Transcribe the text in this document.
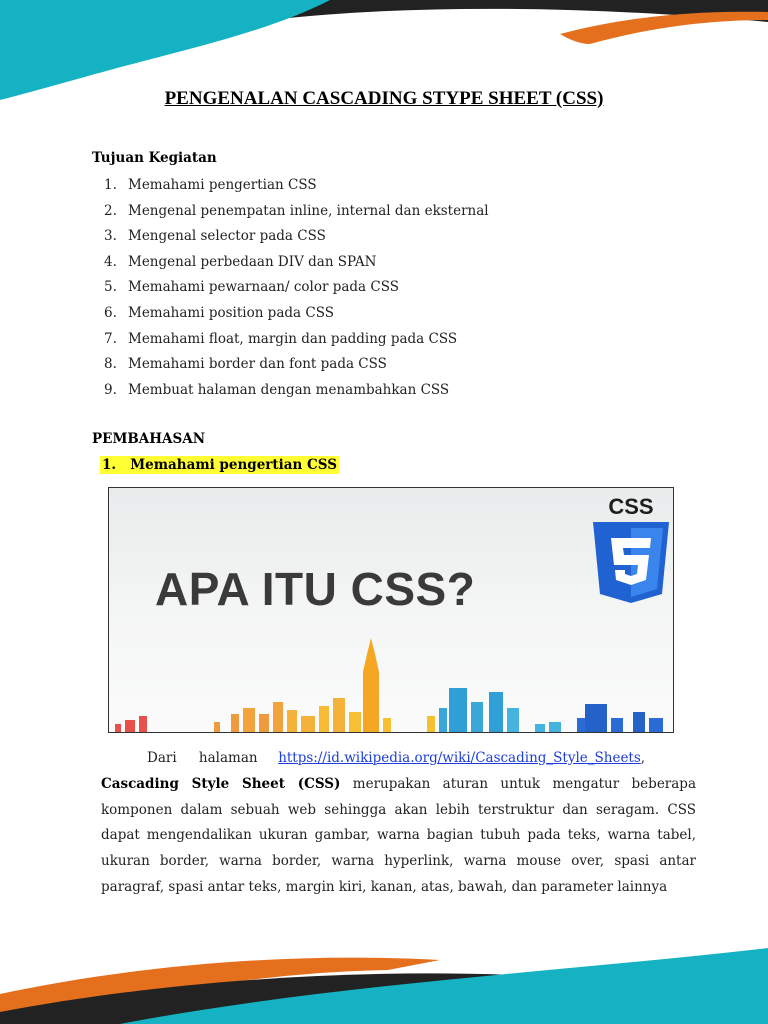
PENGENALAN CASCADING STYPE SHEET (CSS)
Tujuan Kegiatan
1. Memahami pengertian CSS
2. Mengenal penempatan inline, internal dan eksternal
3. Mengenal selector pada CSS
4. Mengenal perbedaan DIV dan SPAN
5. Memahami pewarnaan/ color pada CSS
6. Memahami position pada CSS
7. Memahami float, margin dan padding pada CSS
8. Memahami border dan font pada CSS
9. Membuat halaman dengan menambahkan CSS
PEMBAHASAN
1.   Memahami pengertian CSS
APA ITU CSS?
CSS
Dari halaman https://id.wikipedia.org/wiki/Cascading_Style_Sheets,
Cascading Style Sheet (CSS) merupakan aturan untuk mengatur beberapa komponen dalam sebuah web sehingga akan lebih terstruktur dan seragam. CSS dapat mengendalikan ukuran gambar, warna bagian tubuh pada teks, warna tabel, ukuran border, warna border, warna hyperlink, warna mouse over, spasi antar paragraf, spasi antar teks, margin kiri, kanan, atas, bawah, dan parameter lainnya
